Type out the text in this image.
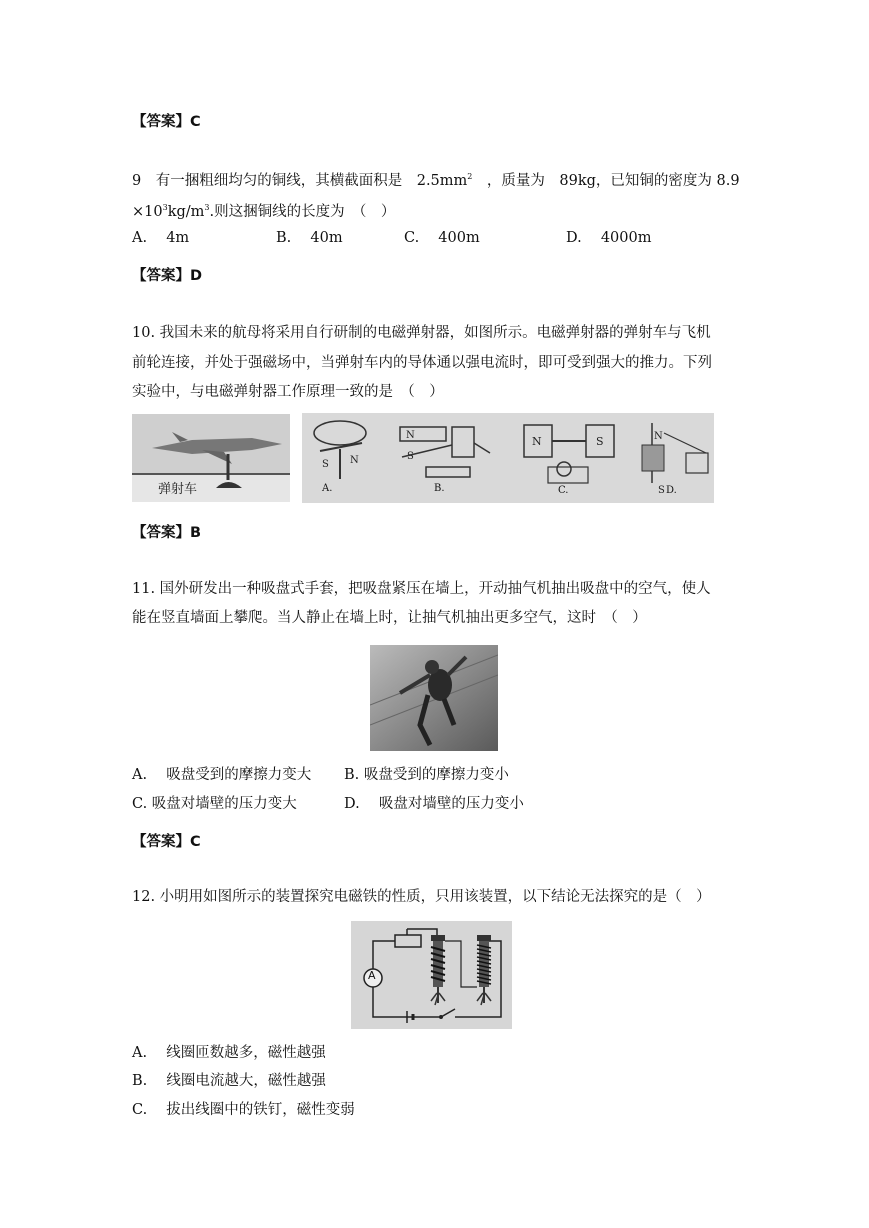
【答案】C
9　有一捆粗细均匀的铜线，其横截面积是　$2.5mm^2$　，质量为　89kg，已知铜的密度为 8.9
$\times 10^3kg/m^3$.则这捆铜线的长度为　（　）
A.　 4m	B.　 40m	C.　 400m	D.　 4000m
【答案】D
10. 我国未来的航母将采用自行研制的电磁弹射器，如图所示。电磁弹射器的弹射车与飞机
前轮连接，并处于强磁场中，当弹射车内的导体通以强电流时，即可受到强大的推力。下列
实验中，与电磁弹射器工作原理一致的是　（　）
弹射车
S N
N
S
N	S	N
S
A.	B.	C.	D.
【答案】B
11. 国外研发出一种吸盘式手套，把吸盘紧压在墙上，开动抽气机抽出吸盘中的空气，使人
能在竖直墙面上攀爬。当人静止在墙上时，让抽气机抽出更多空气，这时　（　）
A.　 吸盘受到的摩擦力变大 B. 吸盘受到的摩擦力变小
C. 吸盘对墙壁的压力变大	D.　 吸盘对墙壁的压力变小
【答案】C
12. 小明用如图所示的装置探究电磁铁的性质，只用该装置，以下结论无法探究的是（　）
A
A.　 线圈匝数越多，磁性越强
B.　 线圈电流越大，磁性越强
C.　 拔出线圈中的铁钉，磁性变弱
